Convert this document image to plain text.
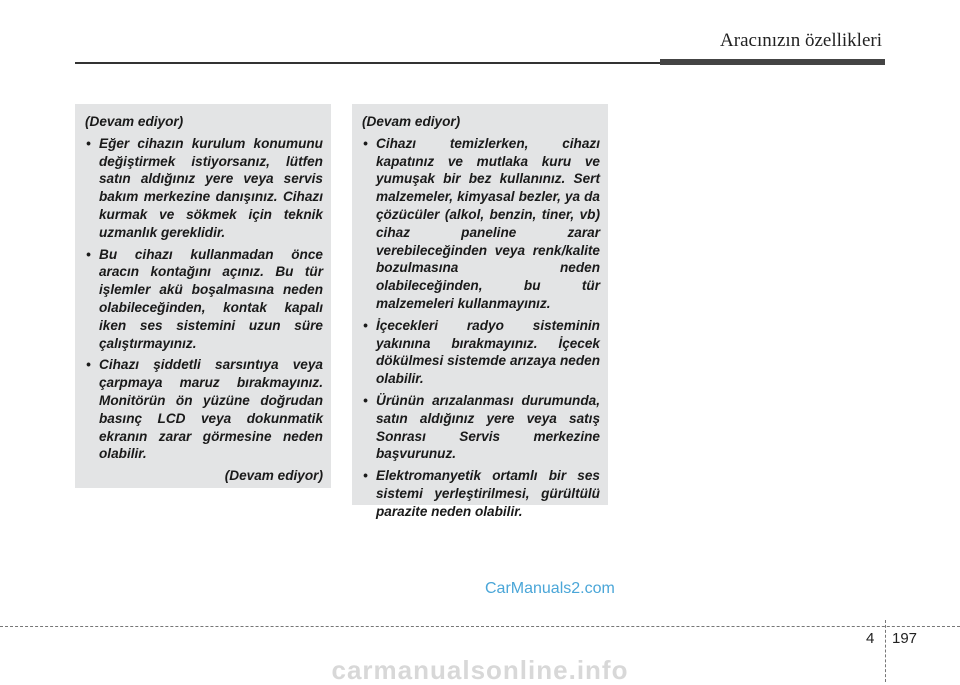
Aracınızın özellikleri

(Devam ediyor)

• Eğer cihazın kurulum konumunu değiştirmek istiyorsanız, lütfen satın aldığınız yere veya servis bakım merkezine danışınız. Cihazı kurmak ve sökmek için teknik uzmanlık gereklidir.
• Bu cihazı kullanmadan önce aracın kontağını açınız. Bu tür işlemler akü boşalmasına neden olabileceğinden, kontak kapalı iken ses sistemini uzun süre çalıştırmayınız.
• Cihazı şiddetli sarsıntıya veya çarpmaya maruz bırakmayınız. Monitörün ön yüzüne doğrudan basınç LCD veya dokunmatik ekranın zarar görmesine neden olabilir.

(Devam ediyor)

(Devam ediyor)

• Cihazı temizlerken, cihazı kapatınız ve mutlaka kuru ve yumuşak bir bez kullanınız. Sert malzemeler, kimyasal bezler, ya da çözücüler (alkol, benzin, tiner, vb) cihaz paneline zarar verebileceğinden veya renk/kalite bozulmasına neden olabileceğinden, bu tür malzemeleri kullanmayınız.
• İçecekleri radyo sisteminin yakınına bırakmayınız. İçecek dökülmesi sistemde arızaya neden olabilir.
• Ürünün arızalanması durumunda, satın aldığınız yere veya satış Sonrası Servis merkezine başvurunuz.
• Elektromanyetik ortamlı bir ses sistemi yerleştirilmesi, gürültülü parazite neden olabilir.
CarManuals2.com
4 197
carmanualsonline.info
